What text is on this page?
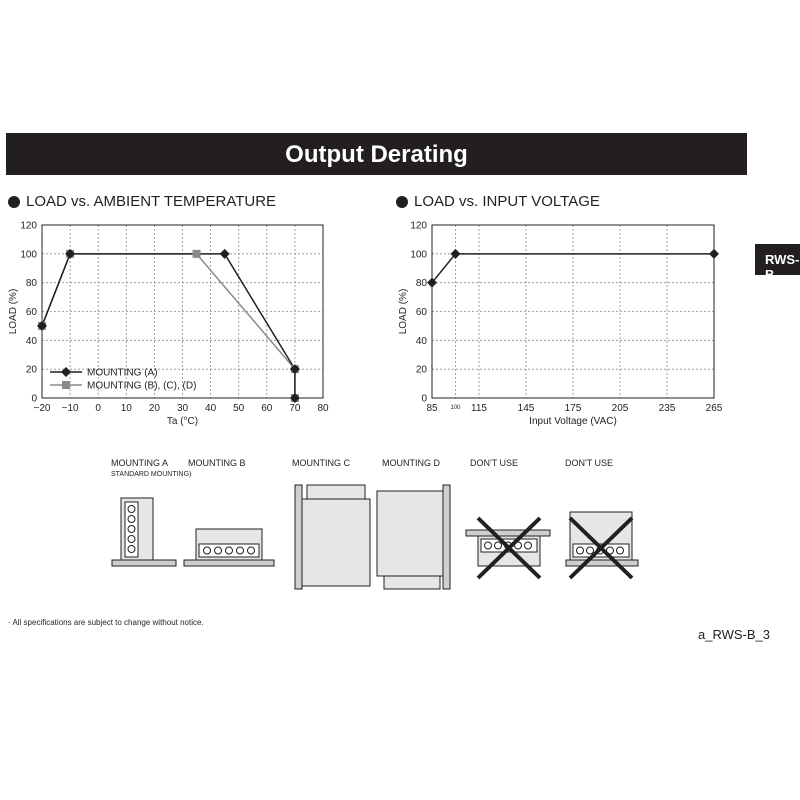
Output Derating
RWS-B
LOAD vs. AMBIENT TEMPERATURE	LOAD vs. INPUT VOLTAGE
−20 −10 0 10 20 30 40 50 60 70 80
0
20
40
60
80
100
120
Ta (°C)
LOAD (%)
MOUNTING (A)
MOUNTING (B), (C), (D)
85	115	145	175	205	235	265
100
0
20
40
60
80
100
120
Input Voltage (VAC)
LOAD (%)
MOUNTING A
STANDARD MOUNTING)
MOUNTING B	MOUNTING C	MOUNTING D	DON'T USE	DON'T USE
· All specifications are subject to change without notice.
a_RWS-B_3
